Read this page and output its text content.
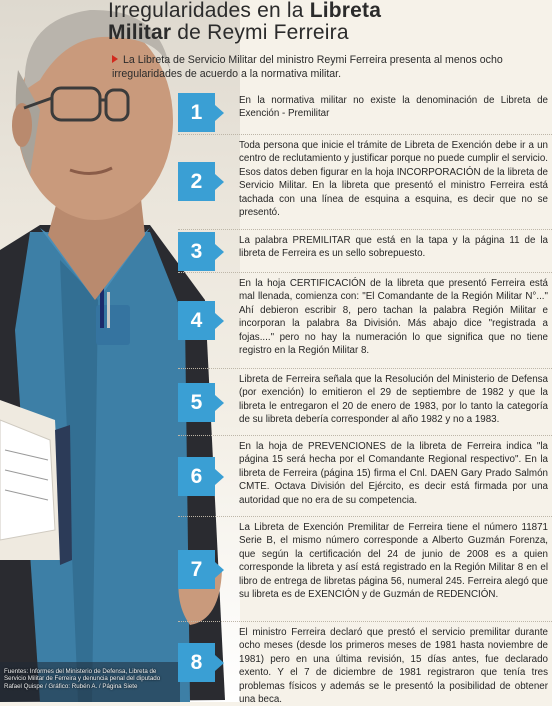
Fuentes: Informes del Ministerio de Defensa, Libreta de Servicio Militar de Ferreira y denuncia penal del diputado Rafael Quispe / Gráfico: Rubén A. / Página Siete
Irregularidades en la Libreta
Militar de Reymi Ferreira
La Libreta de Servicio Militar del ministro Reymi Ferreira presenta al menos ocho irregularidades de acuerdo a la normativa militar.
1
En la normativa militar no existe la denominación de Libreta de Exención - Premilitar
2
Toda persona que inicie el trámite de Libreta de Exención debe ir a un centro de reclutamiento y justificar porque no puede cumplir el servicio. Esos datos deben figurar en la hoja INCORPORACIÓN de la libreta de Servicio Militar. En la libreta que presentó el ministro Ferreira está tachada con una línea de esquina a esquina, es decir que no se presentó.
3	La palabra PREMILITAR que está en la tapa y la página 11 de la libreta de Ferreira es un sello sobrepuesto.
4
En la hoja CERTIFICACIÓN de la libreta que presentó Ferreira está mal llenada, comienza con: "El Comandante de la Región Militar N°..." Ahí debieron escribir 8, pero tachan la palabra Región Militar e incorporan la palabra 8a División. Más abajo dice "registrada a fojas...." pero no hay la numeración lo que significa que no tiene registro en la Región Militar 8.
5
Libreta de Ferreira señala que la Resolución del Ministerio de Defensa (por exención) lo emitieron el 29 de septiembre de 1982 y que la libreta le entregaron el 20 de enero de 1983, por lo tanto la categoría de su libreta debería corresponder al año 1982 y no a 1983.
6
En la hoja de PREVENCIONES de la libreta de Ferreira indica "la página 15 será hecha por el Comandante Regional respectivo". En la libreta de Ferreira (página 15) firma el Cnl. DAEN Gary Prado Salmón CMTE. Octava División del Ejército, es decir está firmada por una autoridad que no era de su competencia.
7
La Libreta de Exención Premilitar de Ferreira tiene el número 11871 Serie B, el mismo número corresponde a Alberto Guzmán Forenza, que según la certificación del 24 de junio de 2008 es a quien corresponde la libreta y así está registrado en la Región Militar 8 en el libro de entrega de libretas página 56, numeral 245. Ferreira alegó que su libreta es de EXENCIÓN y de Guzmán de REDENCIÓN.
8
El ministro Ferreira declaró que prestó el servicio premilitar durante ocho meses (desde los primeros meses de 1981 hasta noviembre de 1981) pero en una última revisión, 15 días antes, fue declarado exento. Y el 7 de diciembre de 1981 registraron que tenía tres problemas físicos y además se le presentó la posibilidad de obtener una beca.
